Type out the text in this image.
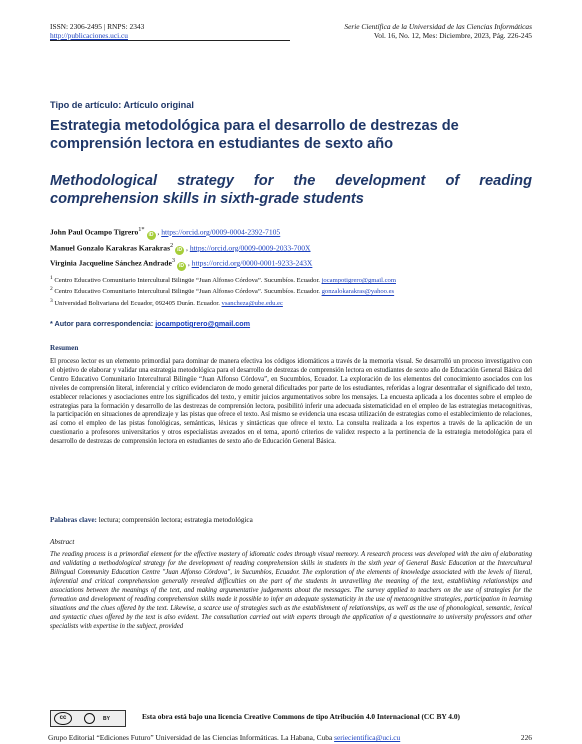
ISSN: 2306-2495 | RNPS: 2343
http://publicaciones.uci.cu
Serie Científica de la Universidad de las Ciencias Informáticas
Vol. 16, No. 12, Mes: Diciembre, 2023, Pág. 226-245
Tipo de artículo: Artículo original
Estrategia metodológica para el desarrollo de destrezas de comprensión lectora en estudiantes de sexto año
Methodological strategy for the development of reading comprehension skills in sixth-grade students
John Paul Ocampo Tigrero$^{1*}$ iD , https://orcid.org/0009-0004-2392-7105
Manuel Gonzalo Karakras Karakras$^2$ iD , https://orcid.org/0009-0009-2033-700X
Virginia Jacqueline Sánchez Andrade$^3$ iD , https://orcid.org/0000-0001-9233-243X
$^1$ Centro Educativo Comunitario Intercultural Bilingüe “Juan Alfonso Córdova”. Sucumbíos. Ecuador. jocampotigrero@gmail.com
$^2$ Centro Educativo Comunitario Intercultural Bilingüe “Juan Alfonso Córdova”. Sucumbíos. Ecuador. gonzalokarakras@yahoo.es
$^3$ Universidad Bolivariana del Ecuador, 092405 Durán. Ecuador. vsancheza@ube.edu.ec
* Autor para correspondencia: jocampotigrero@gmail.com
Resumen
El proceso lector es un elemento primordial para dominar de manera efectiva los códigos idiomáticos a través de la memoria visual. Se desarrolló un proceso investigativo con el objetivo de elaborar y validar una estrategia metodológica para el desarrollo de destrezas de comprensión lectora en estudiantes de sexto año de Educación General Básica del Centro Educativo Comunitario Intercultural Bilingüe “Juan Alfonso Córdova”, en Sucumbíos, Ecuador. La exploración de los elementos del conocimiento asociados con los niveles de comprensión literal, inferencial y crítico evidenciaron de modo general dificultades por parte de los estudiantes, referidas a lograr desentrañar el significado del texto, establecer relaciones y asociaciones entre los significados del texto, y emitir juicios argumentativos sobre los mensajes. La encuesta aplicada a los docentes sobre el empleo de estrategias para la formación y desarrollo de las destrezas de comprensión lectora, posibilitó inferir una adecuada sistematicidad en el empleo de las estrategias metacognitivas, la participación en situaciones de aprendizaje y las pistas que ofrece el texto. Así mismo se evidencia una escasa utilización de estrategias como el establecimiento de relaciones, así como el empleo de las pistas fonológicas, semánticas, léxicas y sintácticas que ofrece el texto. La consulta realizada a los expertos a través de la aplicación de un cuestionario a profesores universitarios y otros especialistas avezados en el tema, aportó criterios de validez respecto a la pertinencia de la estrategia metodológica para el desarrollo de destrezas de comprensión lectora en estudiantes de sexto año de Educación General Básica.
Palabras clave: lectura; comprensión lectora; estrategia metodológica
Abstract
The reading process is a primordial element for the effective mastery of idiomatic codes through visual memory. A research process was developed with the aim of elaborating and validating a methodological strategy for the development of reading comprehension skills in students in the sixth year of General Basic Education at the Intercultural Bilingual Community Education Centre "Juan Alfonso Córdova", in Sucumbíos, Ecuador. The exploration of the elements of knowledge associated with the levels of literal, inferential and critical comprehension generally revealed difficulties on the part of the students in unravelling the meaning of the text, establishing relationships and associations between the meanings of the text, and making argumentative judgements about the messages. The survey applied to teachers on the use of strategies for the formation and development of reading comprehension skills made it possible to infer an adequate systematicity in the use of metacognitive strategies, participation in learning situations and the clues offered by the text. Likewise, a scarce use of strategies such as the establishment of relationships, as well as the use of phonological, semantic, lexical and syntactic clues offered by the text is also evident. The consultation carried out with experts through the application of a questionnaire to university professors and other specialists with expertise in the subject, provided
cc	BY	Esta obra está bajo una licencia Creative Commons de tipo Atribución 4.0 Internacional (CC BY 4.0)
Grupo Editorial “Ediciones Futuro” Universidad de las Ciencias Informáticas. La Habana, Cuba seriecientifica@uci.cu	226
